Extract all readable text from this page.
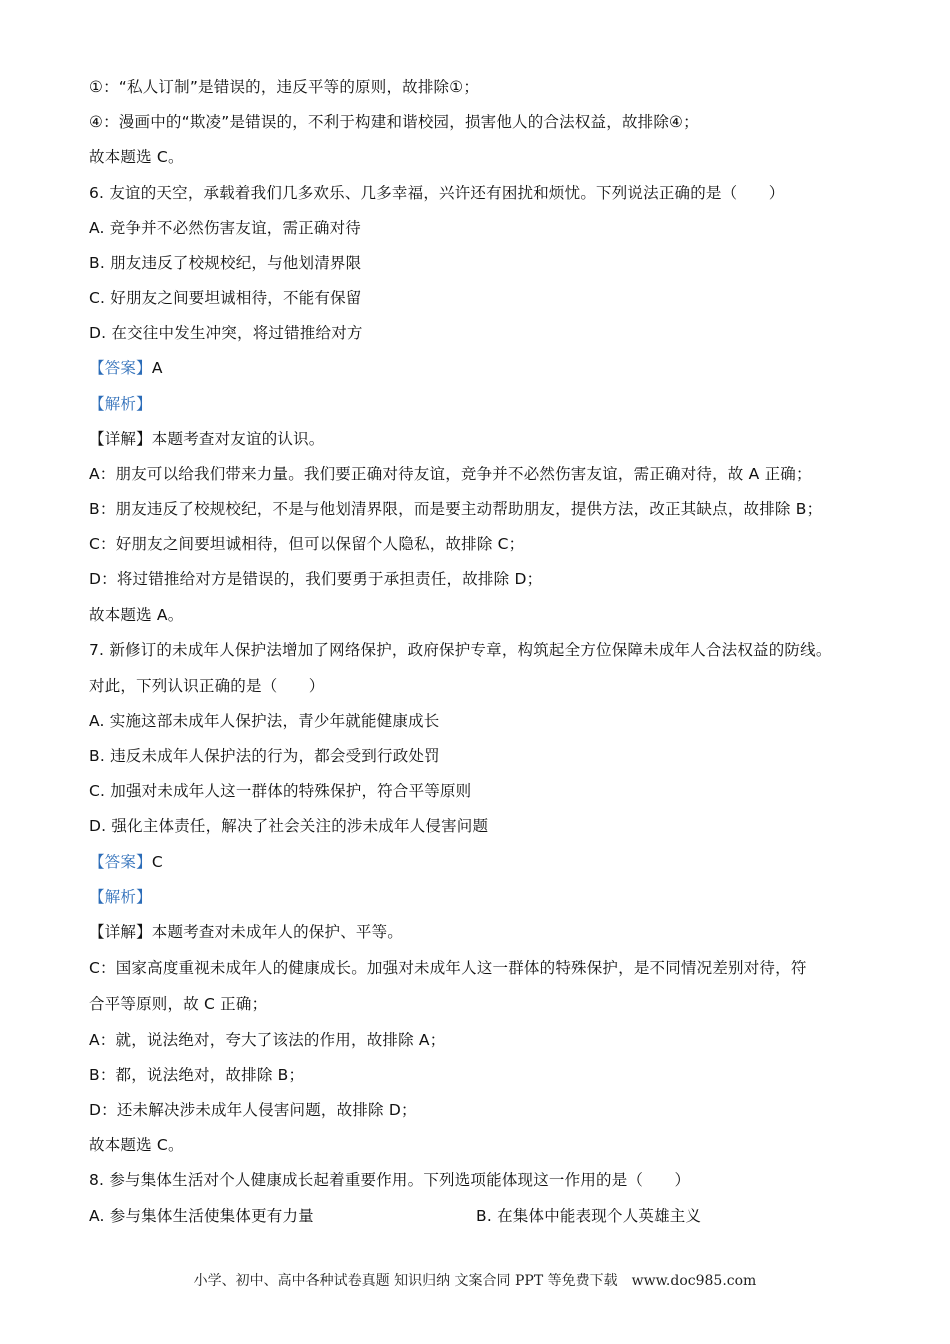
①：“私人订制”是错误的，违反平等的原则，故排除①；
④：漫画中的“欺凌”是错误的，不利于构建和谐校园，损害他人的合法权益，故排除④；
故本题选 C。
6. 友谊的天空，承载着我们几多欢乐、几多幸福，兴许还有困扰和烦忧。下列说法正确的是（　　）
A. 竞争并不必然伤害友谊，需正确对待
B. 朋友违反了校规校纪，与他划清界限
C. 好朋友之间要坦诚相待，不能有保留
D. 在交往中发生冲突，将过错推给对方
【答案】A
【解析】
【详解】本题考查对友谊的认识。
A：朋友可以给我们带来力量。我们要正确对待友谊，竞争并不必然伤害友谊，需正确对待，故 A 正确；
B：朋友违反了校规校纪，不是与他划清界限，而是要主动帮助朋友，提供方法，改正其缺点，故排除 B；
C：好朋友之间要坦诚相待，但可以保留个人隐私，故排除 C；
D：将过错推给对方是错误的，我们要勇于承担责任，故排除 D；
故本题选 A。
7. 新修订的未成年人保护法增加了网络保护，政府保护专章，构筑起全方位保障未成年人合法权益的防线。
对此，下列认识正确的是（　　）
A. 实施这部未成年人保护法，青少年就能健康成长
B. 违反未成年人保护法的行为，都会受到行政处罚
C. 加强对未成年人这一群体的特殊保护，符合平等原则
D. 强化主体责任，解决了社会关注的涉未成年人侵害问题
【答案】C
【解析】
【详解】本题考查对未成年人的保护、平等。
C：国家高度重视未成年人的健康成长。加强对未成年人这一群体的特殊保护，是不同情况差别对待，符
合平等原则，故 C 正确；
A：就，说法绝对，夸大了该法的作用，故排除 A；
B：都，说法绝对，故排除 B；
D：还未解决涉未成年人侵害问题，故排除 D；
故本题选 C。
8. 参与集体生活对个人健康成长起着重要作用。下列选项能体现这一作用的是（　　）
A. 参与集体生活使集体更有力量	B. 在集体中能表现个人英雄主义
小学、初中、高中各种试卷真题 知识归纳 文案合同 PPT 等免费下载　www.doc985.com
